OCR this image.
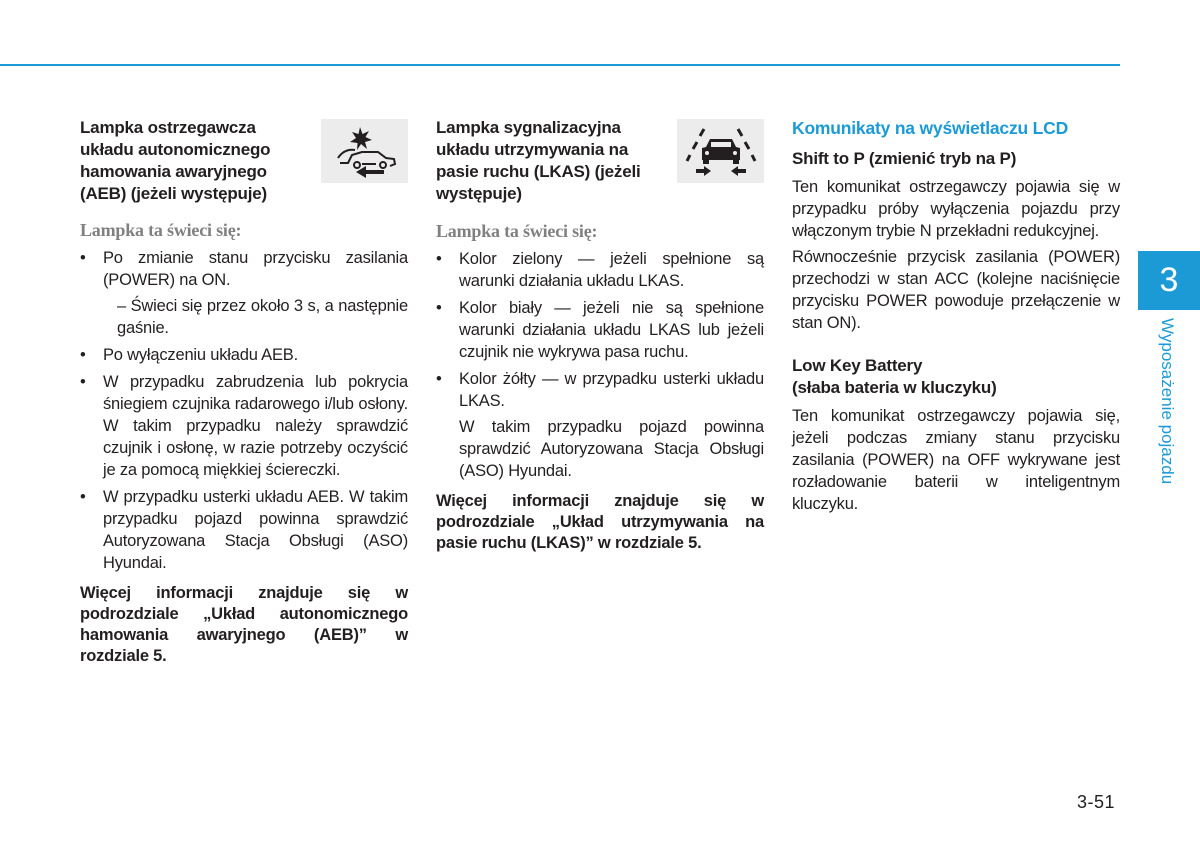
Lampka ostrzegawcza układu autonomicznego hamowania awaryjnego (AEB) (jeżeli występuje)

Lampka ta świeci się:
• Po zmianie stanu przycisku zasilania (POWER) na ON.
– Świeci się przez około 3 s, a następnie gaśnie.
• Po wyłączeniu układu AEB.
• W przypadku zabrudzenia lub pokrycia śniegiem czujnika radarowego i/lub osłony. W takim przypadku należy sprawdzić czujnik i osłonę, w razie potrzeby oczyścić je za pomocą miękkiej ściereczki.
• W przypadku usterki układu AEB. W takim przypadku pojazd powinna sprawdzić Autoryzowana Stacja Obsługi (ASO) Hyundai.
Więcej informacji znajduje się w podrozdziale „Układ autonomicznego hamowania awaryjnego (AEB)” w rozdziale 5.

Lampka sygnalizacyjna układu utrzymywania na pasie ruchu (LKAS) (jeżeli występuje)

Lampka ta świeci się:
• Kolor zielony — jeżeli spełnione są warunki działania układu LKAS.
• Kolor biały — jeżeli nie są spełnione warunki działania układu LKAS lub jeżeli czujnik nie wykrywa pasa ruchu.
• Kolor żółty — w przypadku usterki układu LKAS.
W takim przypadku pojazd powinna sprawdzić Autoryzowana Stacja Obsługi (ASO) Hyundai.
Więcej informacji znajduje się w podrozdziale „Układ utrzymywania na pasie ruchu (LKAS)” w rozdziale 5.
Komunikaty na wyświetlaczu LCD
Shift to P (zmienić tryb na P)

Ten komunikat ostrzegawczy pojawia się w przypadku próby wyłączenia pojazdu przy włączonym trybie N przekładni redukcyjnej.

Równocześnie przycisk zasilania (POWER) przechodzi w stan ACC (kolejne naciśnięcie przycisku POWER powoduje przełączenie w stan ON).

Low Key Battery
(słaba bateria w kluczyku)

Ten komunikat ostrzegawczy pojawia się, jeżeli podczas zmiany stanu przycisku zasilania (POWER) na OFF wykrywane jest rozładowanie baterii w inteligentnym kluczyku.

3
Wyposażenie pojazdu
3-51
